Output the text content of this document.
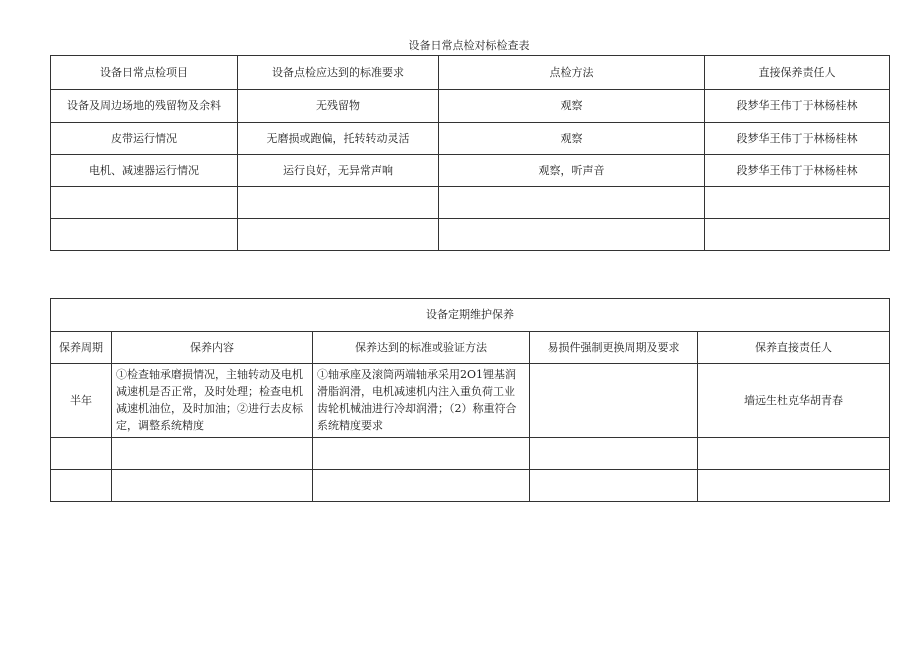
设备日常点检对标检查表
设备日常点检项目	设备点检应达到的标准要求	点检方法	直接保养责任人
设备及周边场地的残留物及余料	无残留物	观察	段梦华王伟丁于林杨桂林
皮带运行情况	无磨损或跑偏，托转转动灵活	观察	段梦华王伟丁于林杨桂林
电机、减速器运行情况	运行良好，无异常声响	观察，听声音	段梦华王伟丁于林杨桂林

设备定期维护保养				
保养周期	保养内容	保养达到的标准或验证方法	易损件强制更换周期及要求	保养直接责任人
半年	①检查轴承磨损情况，主轴转动及电机减速机是否正常，及时处理；检查电机减速机油位，及时加油；②进行去皮标定，调整系统精度	①轴承座及滚筒两端轴承采用2O1锂基润滑脂润滑，电机减速机内注入重负荷工业齿轮机械油进行冷却润滑；（2）称重符合系统精度要求		墙远生杜克华胡青春
